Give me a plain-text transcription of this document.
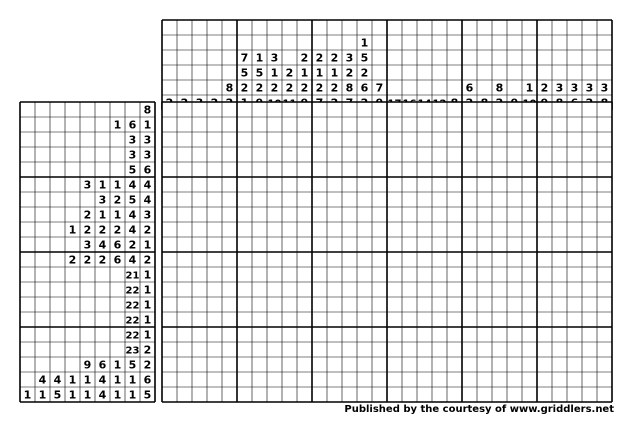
8
7
5
2
1
5
2
3
1
2
2
2
2
1
2
2
1
2
2
1
2
3
2
8
1
5
2
6 7	6 8 1 2 3 3 3 3
8
1 6 1
3 3
3 3
5 6
3 1 1 4 4
3 2 5 4
2 1 1 4 3
1 2 2 2 4 2
3 4 6 2 1
2 2 2 6 4 2
21 1
22 1
22 1
22 1
22 1
23 2
9 6 1 5 2
4 4 1 1 4 1 1 6
1 1 5 1 1 4 1 1 5
Published by the courtesy of www.griddlers.net
